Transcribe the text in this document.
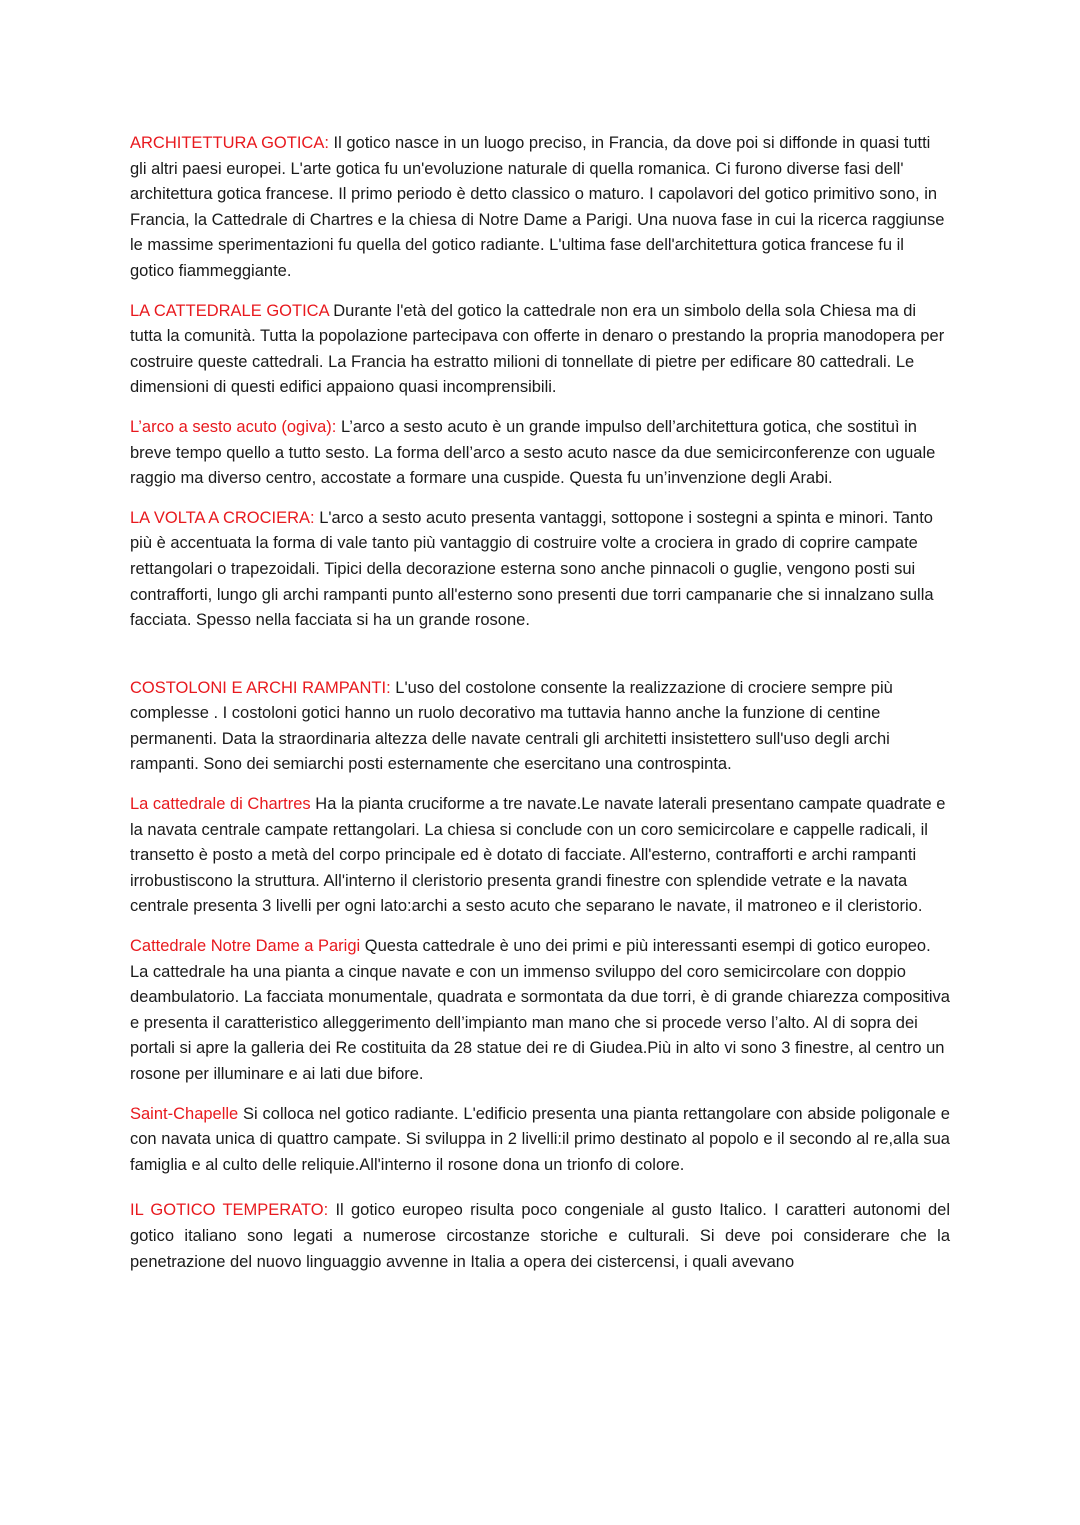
ARCHITETTURA GOTICA: Il gotico nasce in un luogo preciso, in Francia, da dove poi si diffonde in quasi tutti gli altri paesi europei. L'arte gotica fu un'evoluzione naturale di quella romanica. Ci furono diverse fasi dell' architettura gotica francese. Il primo periodo è detto classico o maturo. I capolavori del gotico primitivo sono, in Francia, la Cattedrale di Chartres e la chiesa di Notre Dame a Parigi. Una nuova fase in cui la ricerca raggiunse le massime sperimentazioni fu quella del gotico radiante. L'ultima fase dell'architettura gotica francese fu il gotico fiammeggiante.

LA CATTEDRALE GOTICA Durante l'età del gotico la cattedrale non era un simbolo della sola Chiesa ma di tutta la comunità. Tutta la popolazione partecipava con offerte in denaro o prestando la propria manodopera per costruire queste cattedrali. La Francia ha estratto milioni di tonnellate di pietre per edificare 80 cattedrali. Le dimensioni di questi edifici appaiono quasi incomprensibili.

L’arco a sesto acuto (ogiva): L’arco a sesto acuto è un grande impulso dell’architettura gotica, che sostituì in breve tempo quello a tutto sesto. La forma dell’arco a sesto acuto nasce da due semicirconferenze con uguale raggio ma diverso centro, accostate a formare una cuspide. Questa fu un’invenzione degli Arabi.

LA VOLTA A CROCIERA: L'arco a sesto acuto presenta vantaggi, sottopone i sostegni a spinta e minori. Tanto più è accentuata la forma di vale tanto più vantaggio di costruire volte a crociera in grado di coprire campate rettangolari o trapezoidali. Tipici della decorazione esterna sono anche pinnacoli o guglie, vengono posti sui contrafforti, lungo gli archi rampanti punto all'esterno sono presenti due torri campanarie che si innalzano sulla facciata. Spesso nella facciata si ha un grande rosone.

COSTOLONI E ARCHI RAMPANTI: L'uso del costolone consente la realizzazione di crociere sempre più complesse . I costoloni gotici hanno un ruolo decorativo ma tuttavia hanno anche la funzione di centine permanenti. Data la straordinaria altezza delle navate centrali gli architetti insistettero sull'uso degli archi rampanti. Sono dei semiarchi posti esternamente che esercitano una controspinta.

La cattedrale di Chartres Ha la pianta cruciforme a tre navate.Le navate laterali presentano campate quadrate e la navata centrale campate rettangolari. La chiesa si conclude con un coro semicircolare e cappelle radicali, il transetto è posto a metà del corpo principale ed è dotato di facciate. All'esterno, contrafforti e archi rampanti irrobustiscono la struttura. All'interno il cleristorio presenta grandi finestre con splendide vetrate e la navata centrale presenta 3 livelli per ogni lato:archi a sesto acuto che separano le navate, il matroneo e il cleristorio.

Cattedrale Notre Dame a Parigi Questa cattedrale è uno dei primi e più interessanti esempi di gotico europeo. La cattedrale ha una pianta a cinque navate e con un immenso sviluppo del coro semicircolare con doppio deambulatorio. La facciata monumentale, quadrata e sormontata da due torri, è di grande chiarezza compositiva e presenta il caratteristico alleggerimento dell’impianto man mano che si procede verso l’alto. Al di sopra dei portali si apre la galleria dei Re costituita da 28 statue dei re di Giudea.Più in alto vi sono 3 finestre, al centro un rosone per illuminare e ai lati due bifore.

Saint-Chapelle Si colloca nel gotico radiante. L'edificio presenta una pianta rettangolare con abside poligonale e con navata unica di quattro campate. Si sviluppa in 2 livelli:il primo destinato al popolo e il secondo al re,alla sua famiglia e al culto delle reliquie.All'interno il rosone dona un trionfo di colore.

IL GOTICO TEMPERATO: Il gotico europeo risulta poco congeniale al gusto Italico. I caratteri autonomi del gotico italiano sono legati a numerose circostanze storiche e culturali. Si deve poi considerare che la penetrazione del nuovo linguaggio avvenne in Italia a opera dei cistercensi, i quali avevano
